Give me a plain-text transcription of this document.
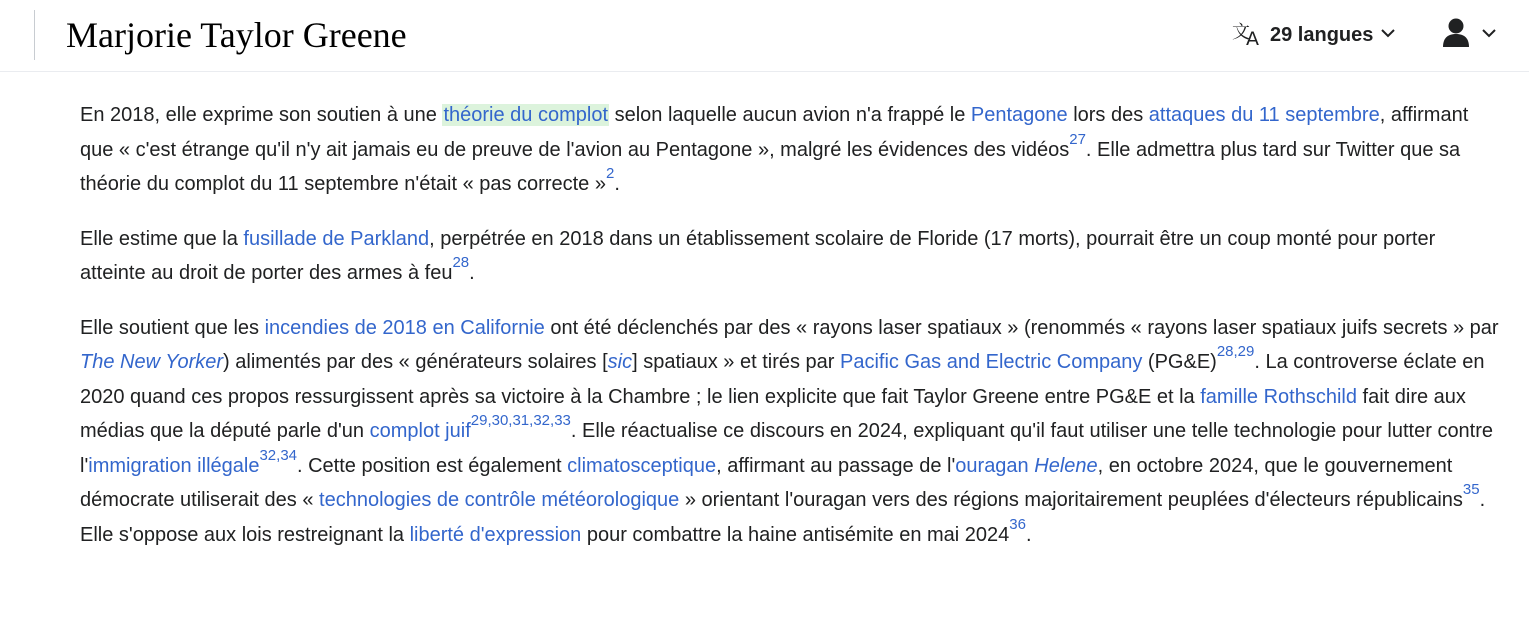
Marjorie Taylor Greene	文
A 29 langues

En 2018, elle exprime son soutien à une théorie du complot selon laquelle aucun avion n'a frappé le Pentagone lors des attaques du 11 septembre, affirmant que « c'est étrange qu'il n'y ait jamais eu de preuve de l'avion au Pentagone », malgré les évidences des vidéos$^{27}$. Elle admettra plus tard sur Twitter que sa théorie du complot du 11 septembre n'était « pas correcte »$^2$.

Elle estime que la fusillade de Parkland, perpétrée en 2018 dans un établissement scolaire de Floride (17 morts), pourrait être un coup monté pour porter atteinte au droit de porter des armes à feu$^{28}$.

Elle soutient que les incendies de 2018 en Californie ont été déclenchés par des « rayons laser spatiaux » (renommés « rayons laser spatiaux juifs secrets » par The New Yorker) alimentés par des « générateurs solaires [sic] spatiaux » et tirés par Pacific Gas and Electric Company (PG&E)$^{28,29}$. La controverse éclate en 2020 quand ces propos ressurgissent après sa victoire à la Chambre ; le lien explicite que fait Taylor Greene entre PG&E et la famille Rothschild fait dire aux médias que la député parle d'un complot juif$^{29,30,31,32,33}$. Elle réactualise ce discours en 2024, expliquant qu'il faut utiliser une telle technologie pour lutter contre l'immigration illégale$^{32,34}$. Cette position est également climatosceptique, affirmant au passage de l'ouragan Helene, en octobre 2024, que le gouvernement démocrate utiliserait des « technologies de contrôle météorologique » orientant l'ouragan vers des régions majoritairement peuplées d'électeurs républicains$^{35}$. Elle s'oppose aux lois restreignant la liberté d'expression pour combattre la haine antisémite en mai 2024$^{36}$.
